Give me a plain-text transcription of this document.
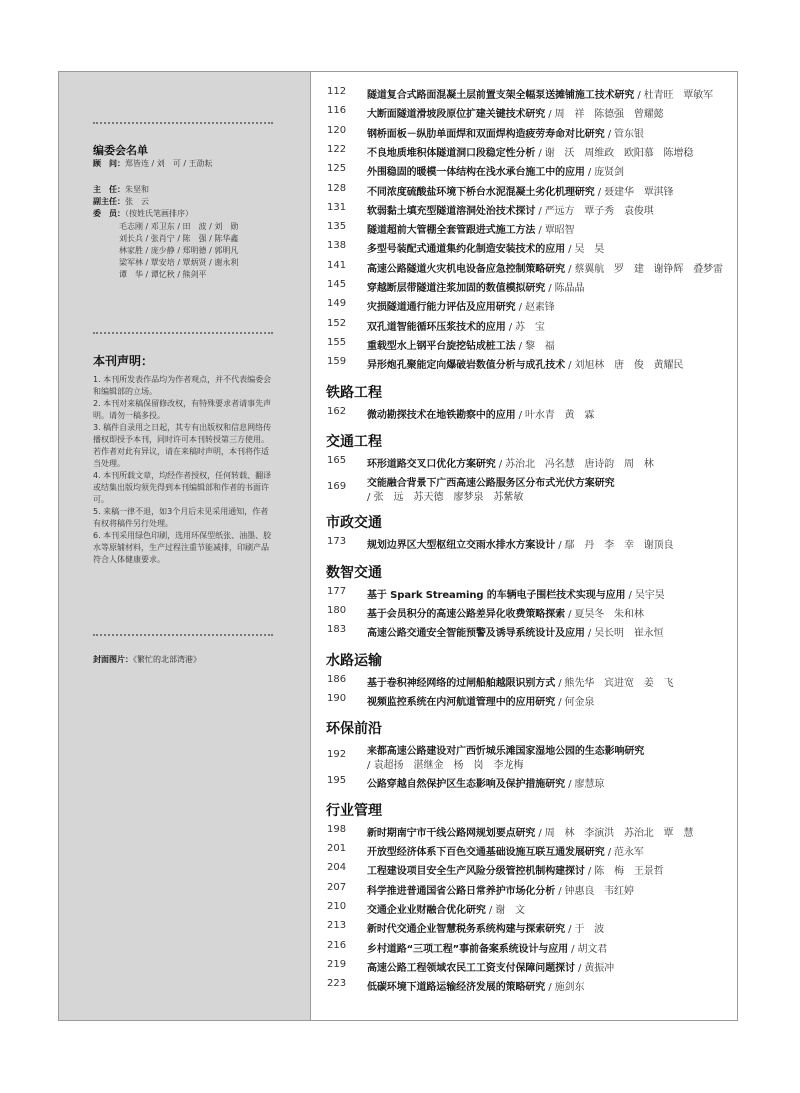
编委会名单
顾　问：郑皆连 / 刘　可 / 王劭耘
主　任：朱坚和
副主任：张　云
委　员：（按姓氏笔画排序）
毛志刚 / 邓卫东 / 田　波 / 刘　勋
刘长兵 / 张肖宁 / 陈　强 / 陈华鑫
林家胜 / 庞少静 / 郑明德 / 郭明凡
梁军林 / 覃安培 / 覃炳贤 / 谢永利
谭　华 / 谭忆秋 / 熊剑平
本刊声明：

1. 本刊所发表作品均为作者观点，并不代表编委会和编辑部的立场。

2. 本刊对来稿保留修改权，有特殊要求者请事先声明。请勿一稿多投。

3. 稿件自录用之日起，其专有出版权和信息网络传播权即授予本刊，同时许可本刊转授第三方使用。若作者对此有异议，请在来稿时声明，本刊将作适当处理。

4. 本刊所载文章，均经作者授权，任何转载、翻译或结集出版均须先得到本刊编辑部和作者的书面许可。

5. 来稿一律不退，如3个月后未见采用通知，作者有权将稿件另行处理。

6. 本刊采用绿色印刷，选用环保型纸张、油墨、胶水等原辅材料，生产过程注重节能减排，印刷产品符合人体健康要求。

封面图片：《繁忙的北部湾港》
112	隧道复合式路面混凝土层前置支架全幅泵送摊铺施工技术研究 / 杜青旺　覃敏军
116	大断面隧道滑坡段原位扩建关键技术研究 / 周　祥　陈德强　曾耀懿
120	钢桥面板－纵肋单面焊和双面焊构造疲劳寿命对比研究 / 管东银
122	不良地质堆积体隧道洞口段稳定性分析 / 谢　沃　周维政　欧阳慕　陈增稳
125	外围稳固的暖模一体结构在浅水承台施工中的应用 / 庞贤剑
128	不同浓度硫酸盐环境下桥台水泥混凝土劣化机理研究 / 聂建华　覃淇锋
131	软弱黏土填充型隧道溶洞处治技术探讨 / 严远方　覃子秀　袁俊琪
135	隧道超前大管棚全套管跟进式施工方法 / 覃昭智
138	多型号装配式通道集约化制造安装技术的应用 / 吴　昊
141	高速公路隧道火灾机电设备应急控制策略研究 / 蔡翼航　罗　建　谢铮辉　叠梦雷
145	穿越断层带隧道注浆加固的数值模拟研究 / 陈晶晶
149	灾损隧道通行能力评估及应用研究 / 赵素锋
152	双孔道智能循环压浆技术的应用 / 苏　宝
155	重载型水上钢平台旋挖钻成桩工法 / 黎　福
159	异形炮孔聚能定向爆破岩数值分析与成孔技术 / 刘旭林　唐　俊　黄耀民
铁路工程
162	微动勘探技术在地铁勘察中的应用 / 叶水青　黄　霖
交通工程
165	环形道路交叉口优化方案研究 / 苏治北　冯名慧　唐诗韵　周　林
169	交能融合背景下广西高速公路服务区分布式光伏方案研究
/ 张　远　苏天德　廖梦泉　苏紫敏
市政交通
173	规划边界区大型枢纽立交雨水排水方案设计 / 鄢　丹　李　幸　谢顶良
数智交通
177	基于 Spark Streaming 的车辆电子围栏技术实现与应用 / 吴宇昊
180	基于会员积分的高速公路差异化收费策略探索 / 夏昊冬　朱和林
183	高速公路交通安全智能预警及诱导系统设计及应用 / 吴长明　崔永恒
水路运输
186	基于卷积神经网络的过闸船舶越限识别方式 / 熊先华　宾进宽　姜　飞
190	视频监控系统在内河航道管理中的应用研究 / 何金泉
环保前沿
192	来都高速公路建设对广西忻城乐滩国家湿地公园的生态影响研究
/ 袁超扬　湛继金　杨　岗　李龙梅
195	公路穿越自然保护区生态影响及保护措施研究 / 廖慧琼
行业管理
198	新时期南宁市干线公路网规划要点研究 / 周　林　李演洪　苏治北　覃　慧
201	开放型经济体系下百色交通基础设施互联互通发展研究 / 范永军
204	工程建设项目安全生产风险分级管控机制构建探讨 / 陈　梅　王景哲
207	科学推进普通国省公路日常养护市场化分析 / 钟惠良　韦红婷
210	交通企业业财融合优化研究 / 谢　文
213	新时代交通企业智慧税务系统构建与探索研究 / 于　波
216	乡村道路“三项工程”事前备案系统设计与应用 / 胡文君
219	高速公路工程领域农民工工资支付保障问题探讨 / 黄振冲
223	低碳环境下道路运输经济发展的策略研究 / 施剑东
